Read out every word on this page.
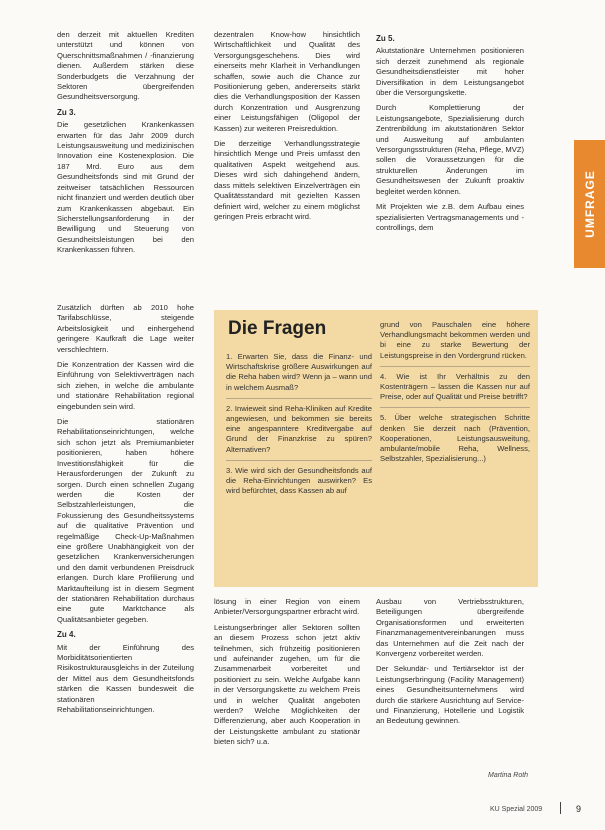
UMFRAGE

den derzeit mit aktuellen Krediten unterstützt und können von Querschnittsmaßnahmen / -finanzierung dienen. Außerdem stärken diese Sonderbudgets die Verzahnung der Sektoren übergreifenden Gesundheitsversorgung.

Zu 3.

Die gesetzlichen Krankenkassen erwarten für das Jahr 2009 durch Leistungsausweitung und medizinischen Innovation eine Kostenexplosion. Die 187 Mrd. Euro aus dem Gesundheitsfonds sind mit Grund der zeitweiser tatsächlichen Ressourcen nicht finanziert und werden deutlich über zum Krankenkassen abgebaut. Ein Sicherstellungsanforderung in der Bewilligung und Steuerung von Gesundheitsleistungen bei den Krankenkassen führen.

Zusätzlich dürften ab 2010 hohe Tarifabschlüsse, steigende Arbeitslosigkeit und einhergehend geringere Kaufkraft die Lage weiter verschlechtern.

Die Konzentration der Kassen wird die Einführung von Selektivverträgen nach sich ziehen, in welche die ambulante und stationäre Rehabilitation regional eingebunden sein wird.

Die stationären Rehabilitationseinrichtungen, welche sich schon jetzt als Premiumanbieter positionieren, haben höhere Investitionsfähigkeit für die Herausforderungen der Zukunft zu sorgen. Durch einen schnellen Zugang werden die Kosten der Selbstzahlerleistungen, die Fokussierung des Gesundheitssystems auf die qualitative Prävention und regelmäßige Check-Up-Maßnahmen eine größere Unabhängigkeit von der gesetzlichen Krankenversicherungen und den damit verbundenen Preisdruck erlangen. Durch klare Profilierung und Marktaufteilung ist in diesem Segment der stationären Rehabilitation durchaus eine gute Marktchance als Qualitätsanbieter gegeben.

Zu 4.

Mit der Einführung des Morbiditätsorientierten Risikostrukturausgleichs in der Zuteilung der Mittel aus dem Gesundheitsfonds stärken die Kassen bundesweit die stationären Rehabilitationseinrichtungen.

dezentralen Know-how hinsichtlich Wirtschaftlichkeit und Qualität des Versorgungsgeschehens. Dies wird einerseits mehr Klarheit in Verhandlungen schaffen, sowie auch die Chance zur Positionierung geben, andererseits stärkt dies die Verhandlungsposition der Kassen durch Konzentration und Ausgrenzung einer Leistungsfähigen (Oligopol der Kassen) zur weiteren Preisreduktion.

Die derzeitige Verhandlungsstrategie hinsichtlich Menge und Preis umfasst den qualitativen Aspekt weitgehend aus. Dieses wird sich dahingehend ändern, dass mittels selektiven Einzelverträgen ein Qualitätsstandard mit gezielten Kassen definiert wird, welcher zu einem möglichst geringen Preis erbracht wird.

Zu 5.

Akutstationäre Unternehmen positionieren sich derzeit zunehmend als regionale Gesundheitsdienstleister mit hoher Diversifikation in dem Leistungsangebot über die Versorgungskette.

Durch Komplettierung der Leistungsangebote, Spezialisierung durch Zentrenbildung im akutstationären Sektor und Ausweitung auf ambulanten Versorgungsstrukturen (Reha, Pflege, MVZ) sollen die Voraussetzungen für die strukturellen Änderungen im Gesundheitswesen der Zukunft proaktiv begleitet werden können.

Mit Projekten wie z.B. dem Aufbau eines spezialisierten Vertragsmanagements und -controllings, dem

Die Fragen

1. Erwarten Sie, dass die Finanz- und Wirtschaftskrise größere Auswirkungen auf die Reha haben wird? Wenn ja – wann und in welchem Ausmaß?

2. Inwieweit sind Reha-Kliniken auf Kredite angewiesen, und bekommen sie bereits eine angespanntere Kreditvergabe auf Grund der Finanzkrise zu spüren? Alternativen?

3. Wie wird sich der Gesundheitsfonds auf die Reha-Einrichtungen auswirken? Es wird befürchtet, dass Kassen ab auf

grund von Pauschalen eine höhere Verhandlungsmacht bekommen werden und bi eine zu starke Bewertung der Leistungspreise in den Vordergrund rücken.

4. Wie ist Ihr Verhältnis zu den Kostenträgern – lassen die Kassen nur auf Preise, oder auf Qualität und Preise betrifft?

5. Über welche strategischen Schritte denken Sie derzeit nach (Prävention, Kooperationen, Leistungsausweitung, ambulante/mobile Reha, Wellness, Selbstzahler, Spezialisierung...)

lösung in einer Region von einem Anbieter/Versorgungspartner erbracht wird.

Leistungserbringer aller Sektoren sollten an diesem Prozess schon jetzt aktiv teilnehmen, sich frühzeitig positionieren und aufeinander zugehen, um für die Zusammenarbeit vorbereitet und positioniert zu sein. Welche Aufgabe kann in der Versorgungskette zu welchem Preis und in welcher Qualität angeboten werden? Welche Möglichkeiten der Differenzierung, aber auch Kooperation in der Leistungskette ambulant zu stationär bieten sich? u.a.

Ausbau von Vertriebsstrukturen, Beteiligungen übergreifende Organisationsformen und erweiterten Finanzmanagementvereinbarungen muss das Unternehmen auf die Zeit nach der Konvergenz vorbereitet werden.

Der Sekundär- und Tertiärsektor ist der Leistungserbringung (Facility Management) eines Gesundheitsunternehmens wird durch die stärkere Ausrichtung auf Service- und Finanzierung, Hotellerie und Logistik an Bedeutung gewinnen.

Martina Roth
KU Spezial 2009	9
